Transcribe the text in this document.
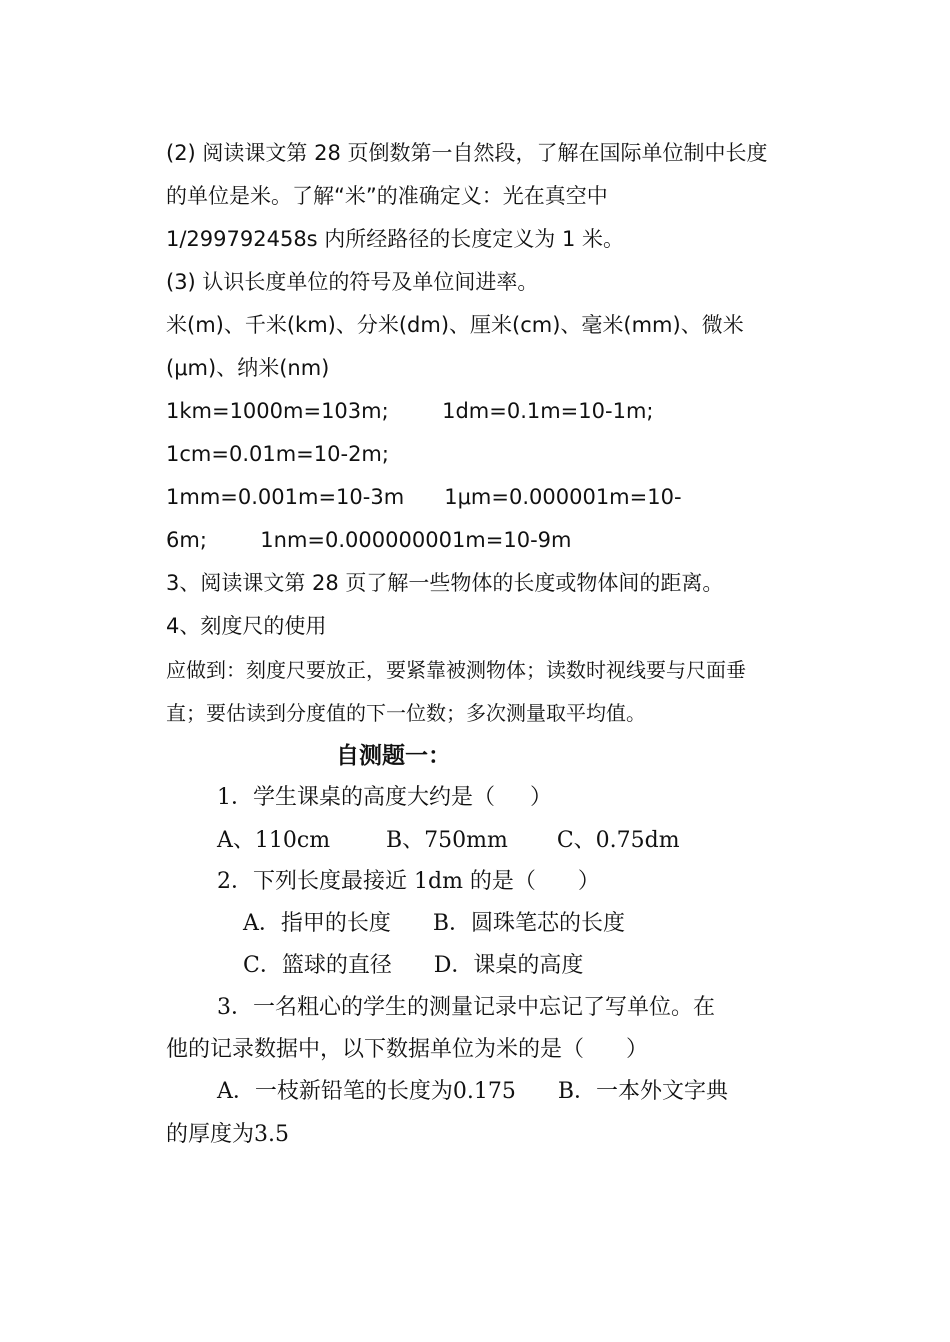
(2) 阅读课文第 28 页倒数第一自然段，了解在国际单位制中长度
的单位是米。了解“米”的准确定义：光在真空中
1/299792458s 内所经路径的长度定义为 1 米。
(3) 认识长度单位的符号及单位间进率。
米(m)、千米(km)、分米(dm)、厘米(cm)、毫米(mm)、微米
(μm)、纳米(nm)
1km=1000m=103m;        1dm=0.1m=10-1m;
1cm=0.01m=10-2m;
1mm=0.001m=10-3m      1μm=0.000001m=10-
6m;        1nm=0.000000001m=10-9m
3、阅读课文第 28 页了解一些物体的长度或物体间的距离。
4、刻度尺的使用
应做到：刻度尺要放正，要紧靠被测物体；读数时视线要与尺面垂
直；要估读到分度值的下一位数；多次测量取平均值。
自测题一：
1．学生课桌的高度大约是（     ）
A、110cm        B、750mm       C、0.75dm
2．下列长度最接近 1dm 的是（      ）
A．指甲的长度      B．圆珠笔芯的长度
C．篮球的直径      D．课桌的高度
3．一名粗心的学生的测量记录中忘记了写单位。在
他的记录数据中，以下数据单位为米的是（      ）
A．一枝新铅笔的长度为0.175      B．一本外文字典
的厚度为3.5
